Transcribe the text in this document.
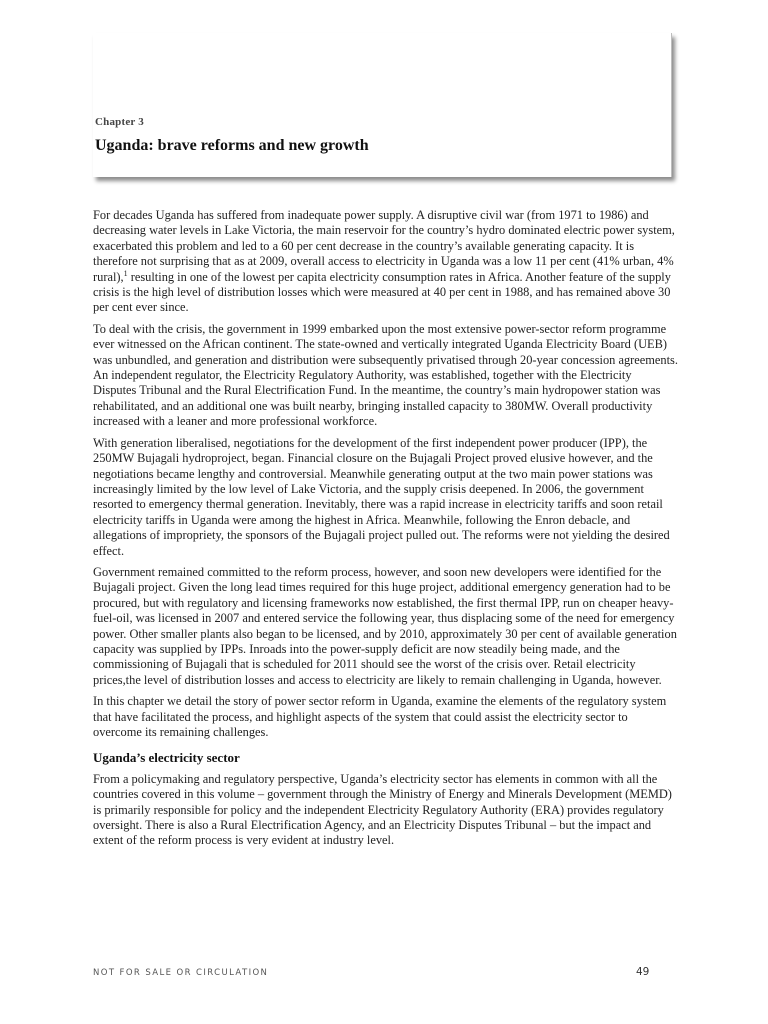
Chapter 3
Uganda: brave reforms and new growth

For decades Uganda has suffered from inadequate power supply. A disruptive civil war (from 1971 to 1986) and decreasing water levels in Lake Victoria, the main reservoir for the country’s hydro dominated electric power system, exacerbated this problem and led to a 60 per cent decrease in the country’s available generating capacity. It is therefore not surprising that as at 2009, overall access to electricity in Uganda was a low 11 per cent (41% urban, 4% rural),$^1$ resulting in one of the lowest per capita electricity consumption rates in Africa. Another feature of the supply crisis is the high level of distribution losses which were measured at 40 per cent in 1988, and has remained above 30 per cent ever since.

To deal with the crisis, the government in 1999 embarked upon the most extensive power-sector reform programme ever witnessed on the African continent. The state-owned and vertically integrated Uganda Electricity Board (UEB) was unbundled, and generation and distribution were subsequently privatised through 20-year concession agreements. An independent regulator, the Electricity Regulatory Authority, was established, together with the Electricity Disputes Tribunal and the Rural Electrification Fund. In the meantime, the country’s main hydropower station was rehabilitated, and an additional one was built nearby, bringing installed capacity to 380MW. Overall productivity increased with a leaner and more professional workforce.

With generation liberalised, negotiations for the development of the first independent power producer (IPP), the 250MW Bujagali hydroproject, began. Financial closure on the Bujagali Project proved elusive however, and the negotiations became lengthy and controversial. Meanwhile generating output at the two main power stations was increasingly limited by the low level of Lake Victoria, and the supply crisis deepened. In 2006, the government resorted to emergency thermal generation. Inevitably, there was a rapid increase in electricity tariffs and soon retail electricity tariffs in Uganda were among the highest in Africa. Meanwhile, following the Enron debacle, and allegations of impropriety, the sponsors of the Bujagali project pulled out. The reforms were not yielding the desired effect.

Government remained committed to the reform process, however, and soon new developers were identified for the Bujagali project. Given the long lead times required for this huge project, additional emergency generation had to be procured, but with regulatory and licensing frameworks now established, the first thermal IPP, run on cheaper heavy-fuel-oil, was licensed in 2007 and entered service the following year, thus displacing some of the need for emergency power. Other smaller plants also began to be licensed, and by 2010, approximately 30 per cent of available generation capacity was supplied by IPPs. Inroads into the power-supply deficit are now steadily being made, and the commissioning of Bujagali that is scheduled for 2011 should see the worst of the crisis over. Retail electricity prices,the level of distribution losses and access to electricity are likely to remain challenging in Uganda, however.

In this chapter we detail the story of power sector reform in Uganda, examine the elements of the regulatory system that have facilitated the process, and highlight aspects of the system that could assist the electricity sector to overcome its remaining challenges.

Uganda’s electricity sector

From a policymaking and regulatory perspective, Uganda’s electricity sector has elements in common with all the countries covered in this volume – government through the Ministry of Energy and Minerals Development (MEMD) is primarily responsible for policy and the independent Electricity Regulatory Authority (ERA) provides regulatory oversight. There is also a Rural Electrification Agency, and an Electricity Disputes Tribunal – but the impact and extent of the reform process is very evident at industry level.

NOT FOR SALE OR CIRCULATION	49
